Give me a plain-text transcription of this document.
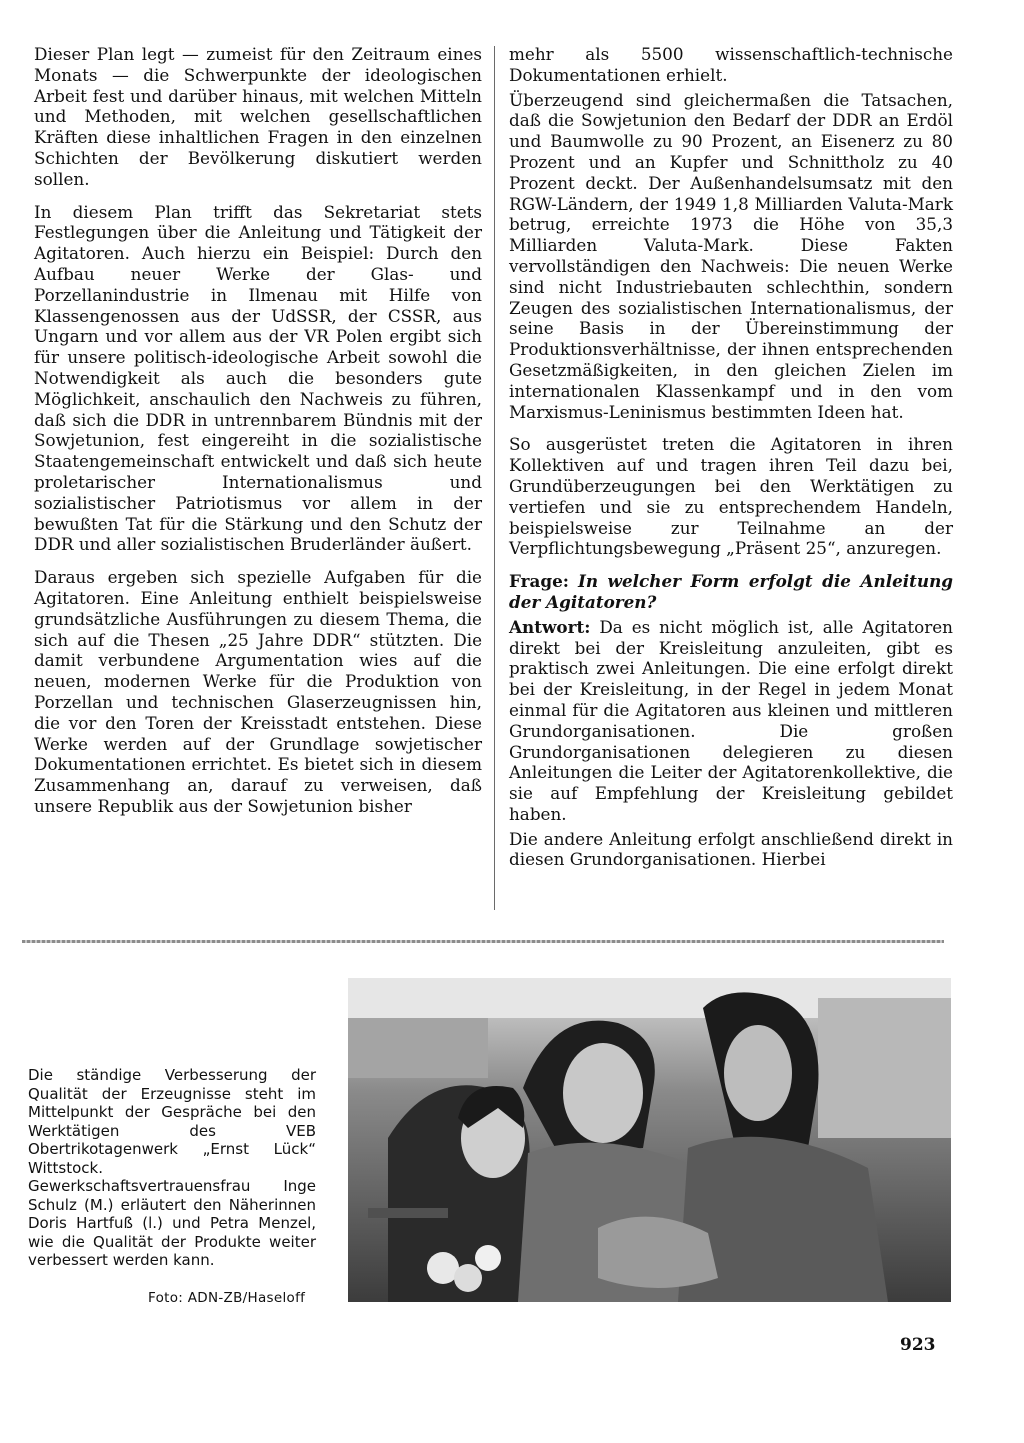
Dieser Plan legt — zumeist für den Zeitraum eines Monats — die Schwerpunkte der ideologischen Arbeit fest und darüber hinaus, mit welchen Mitteln und Methoden, mit welchen gesellschaftlichen Kräften diese inhaltlichen Fragen in den einzelnen Schichten der Bevölkerung diskutiert werden sollen.

In diesem Plan trifft das Sekretariat stets Festlegungen über die Anleitung und Tätigkeit der Agitatoren. Auch hierzu ein Beispiel: Durch den Aufbau neuer Werke der Glas- und Porzellanindustrie in Ilmenau mit Hilfe von Klassengenossen aus der UdSSR, der CSSR, aus Ungarn und vor allem aus der VR Polen ergibt sich für unsere politisch-ideologische Arbeit sowohl die Notwendigkeit als auch die besonders gute Möglichkeit, anschaulich den Nachweis zu führen, daß sich die DDR in untrennbarem Bündnis mit der Sowjetunion, fest eingereiht in die sozialistische Staatengemeinschaft entwickelt und daß sich heute proletarischer Internationalismus und sozialistischer Patriotismus vor allem in der bewußten Tat für die Stärkung und den Schutz der DDR und aller sozialistischen Bruderländer äußert.

Daraus ergeben sich spezielle Aufgaben für die Agitatoren. Eine Anleitung enthielt beispielsweise grundsätzliche Ausführungen zu diesem Thema, die sich auf die Thesen „25 Jahre DDR“ stützten. Die damit verbundene Argumentation wies auf die neuen, modernen Werke für die Produktion von Porzellan und technischen Glaserzeugnissen hin, die vor den Toren der Kreisstadt entstehen. Diese Werke werden auf der Grundlage sowjetischer Dokumentationen errichtet. Es bietet sich in diesem Zusammenhang an, darauf zu verweisen, daß unsere Republik aus der Sowjetunion bisher

mehr als 5500 wissenschaftlich-technische Dokumentationen erhielt.

Überzeugend sind gleichermaßen die Tatsachen, daß die Sowjetunion den Bedarf der DDR an Erdöl und Baumwolle zu 90 Prozent, an Eisenerz zu 80 Prozent und an Kupfer und Schnittholz zu 40 Prozent deckt. Der Außenhandelsumsatz mit den RGW-Ländern, der 1949 1,8 Milliarden Valuta-Mark betrug, erreichte 1973 die Höhe von 35,3 Milliarden Valuta-Mark. Diese Fakten vervollständigen den Nachweis: Die neuen Werke sind nicht Industriebauten schlechthin, sondern Zeugen des sozialistischen Internationalismus, der seine Basis in der Übereinstimmung der Produktionsverhältnisse, der ihnen entsprechenden Gesetzmäßigkeiten, in den gleichen Zielen im internationalen Klassenkampf und in den vom Marxismus-Leninismus bestimmten Ideen hat.

So ausgerüstet treten die Agitatoren in ihren Kollektiven auf und tragen ihren Teil dazu bei, Grundüberzeugungen bei den Werktätigen zu vertiefen und sie zu entsprechendem Handeln, beispielsweise zur Teilnahme an der Verpflichtungsbewegung „Präsent 25“, anzuregen.

Frage: In welcher Form erfolgt die Anleitung der Agitatoren?

Antwort: Da es nicht möglich ist, alle Agitatoren direkt bei der Kreisleitung anzuleiten, gibt es praktisch zwei Anleitungen. Die eine erfolgt direkt bei der Kreisleitung, in der Regel in jedem Monat einmal für die Agitatoren aus kleinen und mittleren Grundorganisationen. Die großen Grundorganisationen delegieren zu diesen Anleitungen die Leiter der Agitatorenkollektive, die sie auf Empfehlung der Kreisleitung gebildet haben.

Die andere Anleitung erfolgt anschließend direkt in diesen Grundorganisationen. Hierbei

Die ständige Verbesserung der Qualität der Erzeugnisse steht im Mittelpunkt der Gespräche bei den Werktätigen des VEB Obertrikotagenwerk „Ernst Lück“ Wittstock. Gewerkschaftsvertrauensfrau Inge Schulz (M.) erläutert den Näherinnen Doris Hartfuß (l.) und Petra Menzel, wie die Qualität der Produkte weiter verbessert werden kann.
Foto: ADN-ZB/Haseloff
923
